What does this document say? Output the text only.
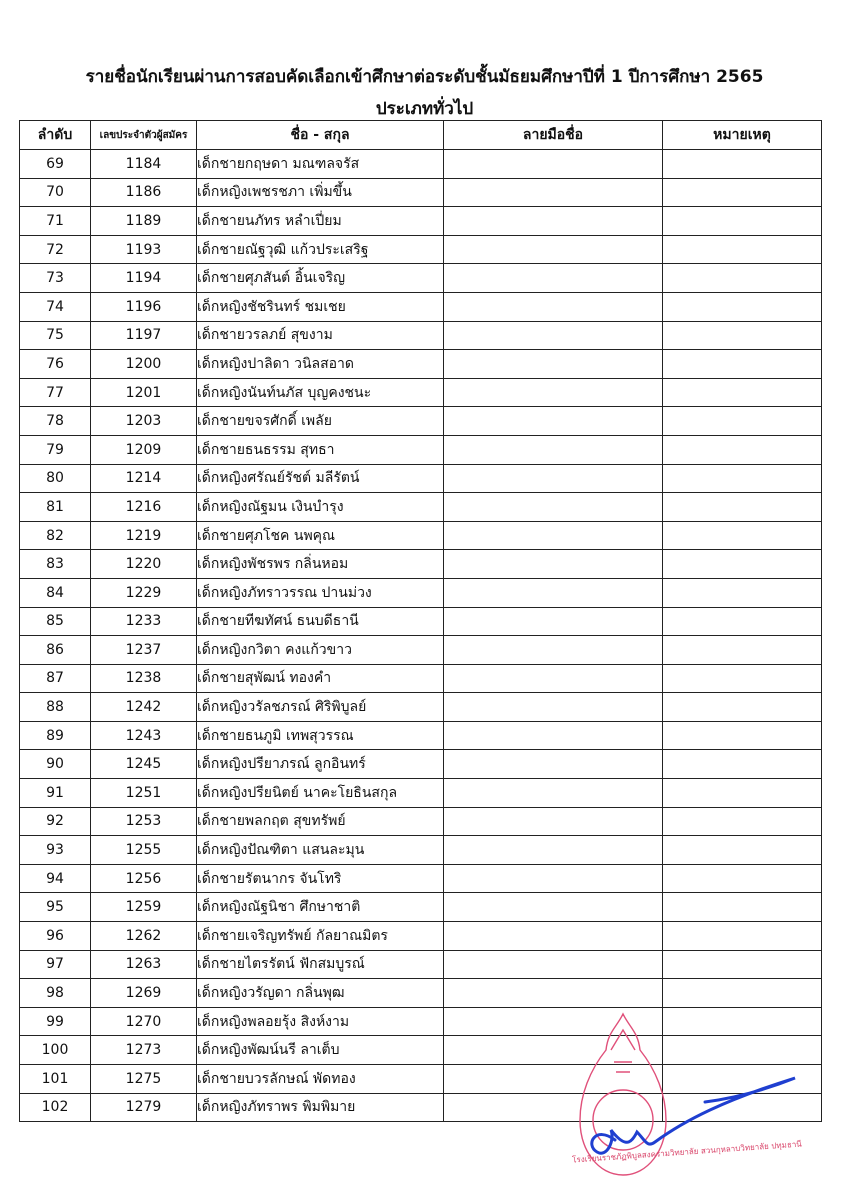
รายชื่อนักเรียนผ่านการสอบคัดเลือกเข้าศึกษาต่อระดับชั้นมัธยมศึกษาปีที่ 1 ปีการศึกษา 2565
ประเภททั่วไป
ลำดับ	เลขประจำตัวผู้สมัคร	ชื่อ - สกุล	ลายมือชื่อ	หมายเหตุ
69	1184	เด็กชายกฤษดา มณฑลจรัส		
70	1186	เด็กหญิงเพชรชภา เพิ่มขึ้น		
71	1189	เด็กชายนภัทร หลำเปี่ยม		
72	1193	เด็กชายณัฐวุฒิ แก้วประเสริฐ		
73	1194	เด็กชายศุภสันต์ อิ้นเจริญ		
74	1196	เด็กหญิงชัชรินทร์ ชมเชย		
75	1197	เด็กชายวรลภย์ สุขงาม		
76	1200	เด็กหญิงปาลิดา วนิลสอาด		
77	1201	เด็กหญิงนันท์นภัส บุญคงชนะ		
78	1203	เด็กชายขจรศักดิ์ เพลัย		
79	1209	เด็กชายธนธรรม สุทธา		
80	1214	เด็กหญิงศรัณย์รัชต์ มลีรัตน์		
81	1216	เด็กหญิงณัฐมน เงินบำรุง		
82	1219	เด็กชายศุภโชค นพคุณ		
83	1220	เด็กหญิงพัชรพร กลิ่นหอม		
84	1229	เด็กหญิงภัทราวรรณ ปานม่วง		
85	1233	เด็กชายทีฆทัศน์ ธนบดีธานี		
86	1237	เด็กหญิงกวิตา คงแก้วขาว		
87	1238	เด็กชายสุพัฒน์ ทองคำ		
88	1242	เด็กหญิงวรัลชภรณ์ ศิริพิบูลย์		
89	1243	เด็กชายธนภูมิ เทพสุวรรณ		
90	1245	เด็กหญิงปรียาภรณ์ ลูกอินทร์		
91	1251	เด็กหญิงปรียนิตย์ นาคะโยธินสกุล		
92	1253	เด็กชายพลกฤต สุขทรัพย์		
93	1255	เด็กหญิงปัณฑิตา แสนละมุน		
94	1256	เด็กชายรัตนากร จันโทริ		
95	1259	เด็กหญิงณัฐนิชา ศึกษาชาติ		
96	1262	เด็กชายเจริญทรัพย์ กัลยาณมิตร		
97	1263	เด็กชายไตรรัตน์ ฟักสมบูรณ์		
98	1269	เด็กหญิงวรัญดา กลิ่นพุฒ		
99	1270	เด็กหญิงพลอยรุ้ง สิงห์งาม		
100	1273	เด็กหญิงพัฒน์นรี ลาเต็บ		
101	1275	เด็กชายบวรลักษณ์ พัดทอง		
102	1279	เด็กหญิงภัทราพร พิมพิมาย		
โรงเรียนราชภัฏพิบูลสงครามวิทยาลัย สวนกุหลาบวิทยาลัย ปทุมธานี
